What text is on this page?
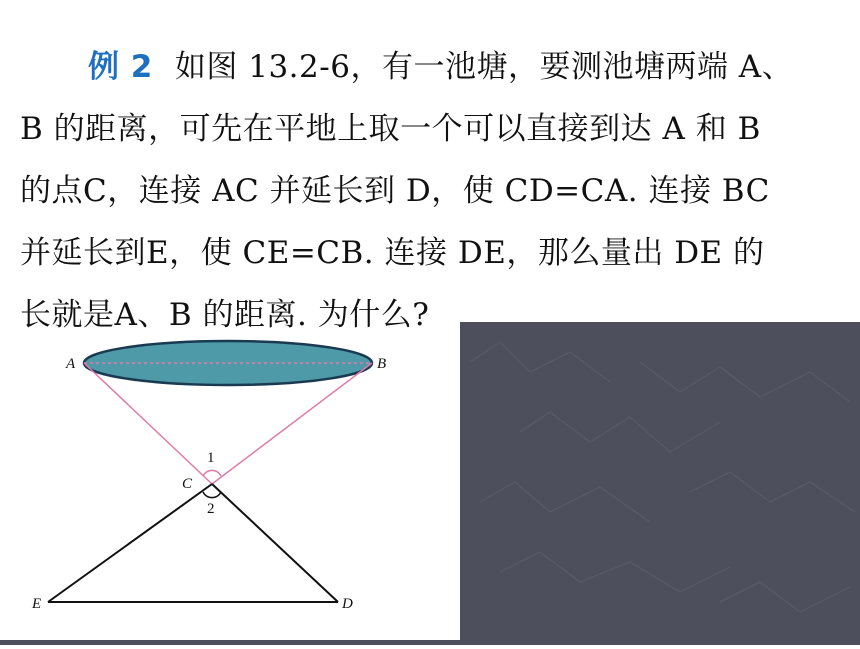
例 2 如图 13.2-6，有一池塘，要测池塘两端 A、

B 的距离，可先在平地上取一个可以直接到达 A 和 B

的点C，连接 AC 并延长到 D，使 CD=CA. 连接 BC

并延长到E，使 CE=CB. 连接 DE，那么量出 DE 的

长就是A、B 的距离. 为什么?

A	B
C
E	D
1
2
